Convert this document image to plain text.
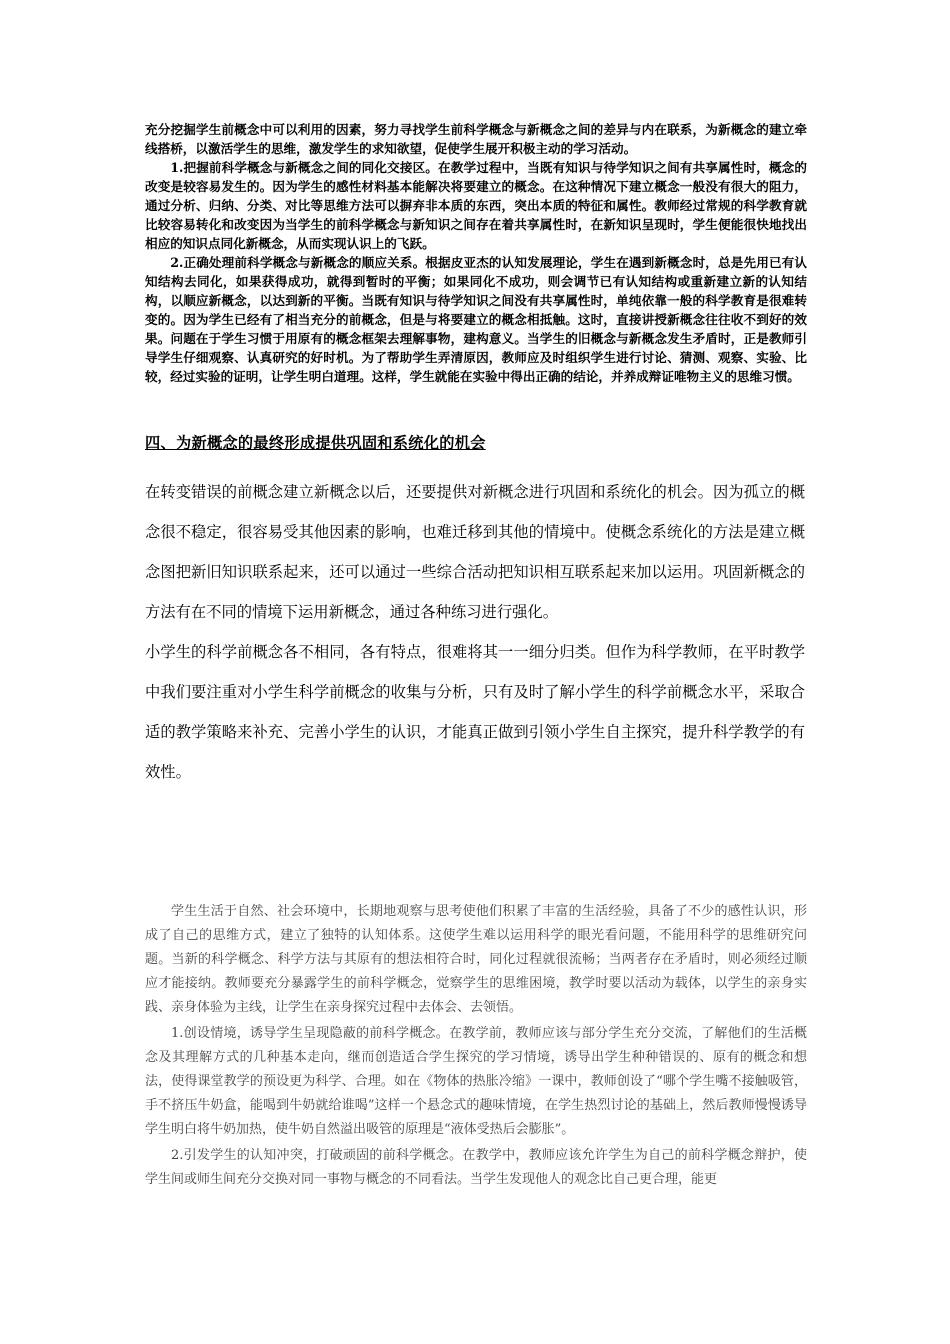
充分挖掘学生前概念中可以利用的因素，努力寻找学生前科学概念与新概念之间的差异与内在联系，为新概念的建立牵线搭桥，以激活学生的思维，激发学生的求知欲望，促使学生展开积极主动的学习活动。

1.把握前科学概念与新概念之间的同化交接区。在教学过程中，当既有知识与待学知识之间有共享属性时，概念的改变是较容易发生的。因为学生的感性材料基本能解决将要建立的概念。在这种情况下建立概念一般没有很大的阻力，通过分析、归纳、分类、对比等思维方法可以摒弃非本质的东西，突出本质的特征和属性。教师经过常规的科学教育就比较容易转化和改变因为当学生的前科学概念与新知识之间存在着共享属性时，在新知识呈现时，学生便能很快地找出相应的知识点同化新概念，从而实现认识上的飞跃。

2.正确处理前科学概念与新概念的顺应关系。根据皮亚杰的认知发展理论，学生在遇到新概念时，总是先用已有认知结构去同化，如果获得成功，就得到暂时的平衡；如果同化不成功，则会调节已有认知结构或重新建立新的认知结构，以顺应新概念，以达到新的平衡。当既有知识与待学知识之间没有共享属性时，单纯依靠一般的科学教育是很难转变的。因为学生已经有了相当充分的前概念，但是与将要建立的概念相抵触。这时，直接讲授新概念往往收不到好的效果。问题在于学生习惯于用原有的概念框架去理解事物，建构意义。当学生的旧概念与新概念发生矛盾时，正是教师引导学生仔细观察、认真研究的好时机。为了帮助学生弄清原因，教师应及时组织学生进行讨论、猜测、观察、实验、比较，经过实验的证明，让学生明白道理。这样，学生就能在实验中得出正确的结论，并养成辩证唯物主义的思维习惯。

四、为新概念的最终形成提供巩固和系统化的机会

在转变错误的前概念建立新概念以后，还要提供对新概念进行巩固和系统化的机会。因为孤立的概念很不稳定，很容易受其他因素的影响，也难迁移到其他的情境中。使概念系统化的方法是建立概念图把新旧知识联系起来，还可以通过一些综合活动把知识相互联系起来加以运用。巩固新概念的方法有在不同的情境下运用新概念，通过各种练习进行强化。

小学生的科学前概念各不相同，各有特点，很难将其一一细分归类。但作为科学教师，在平时教学中我们要注重对小学生科学前概念的收集与分析，只有及时了解小学生的科学前概念水平，采取合适的教学策略来补充、完善小学生的认识，才能真正做到引领小学生自主探究，提升科学教学的有效性。

学生生活于自然、社会环境中，长期地观察与思考使他们积累了丰富的生活经验，具备了不少的感性认识，形成了自己的思维方式，建立了独特的认知体系。这使学生难以运用科学的眼光看问题，不能用科学的思维研究问题。当新的科学概念、科学方法与其原有的想法相符合时，同化过程就很流畅；当两者存在矛盾时，则必须经过顺应才能接纳。教师要充分暴露学生的前科学概念，觉察学生的思维困境，教学时要以活动为载体，以学生的亲身实践、亲身体验为主线，让学生在亲身探究过程中去体会、去领悟。

1.创设情境，诱导学生呈现隐蔽的前科学概念。在教学前，教师应该与部分学生充分交流，了解他们的生活概念及其理解方式的几种基本走向，继而创造适合学生探究的学习情境，诱导出学生种种错误的、原有的概念和想法，使得课堂教学的预设更为科学、合理。如在《物体的热胀冷缩》一课中，教师创设了“哪个学生嘴不接触吸管，手不挤压牛奶盒，能喝到牛奶就给谁喝”这样一个悬念式的趣味情境，在学生热烈讨论的基础上，然后教师慢慢诱导学生明白将牛奶加热，使牛奶自然溢出吸管的原理是“液体受热后会膨胀”。

2.引发学生的认知冲突，打破顽固的前科学概念。在教学中，教师应该允许学生为自己的前科学概念辩护，使学生间或师生间充分交换对同一事物与概念的不同看法。当学生发现他人的观念比自己更合理，能更
